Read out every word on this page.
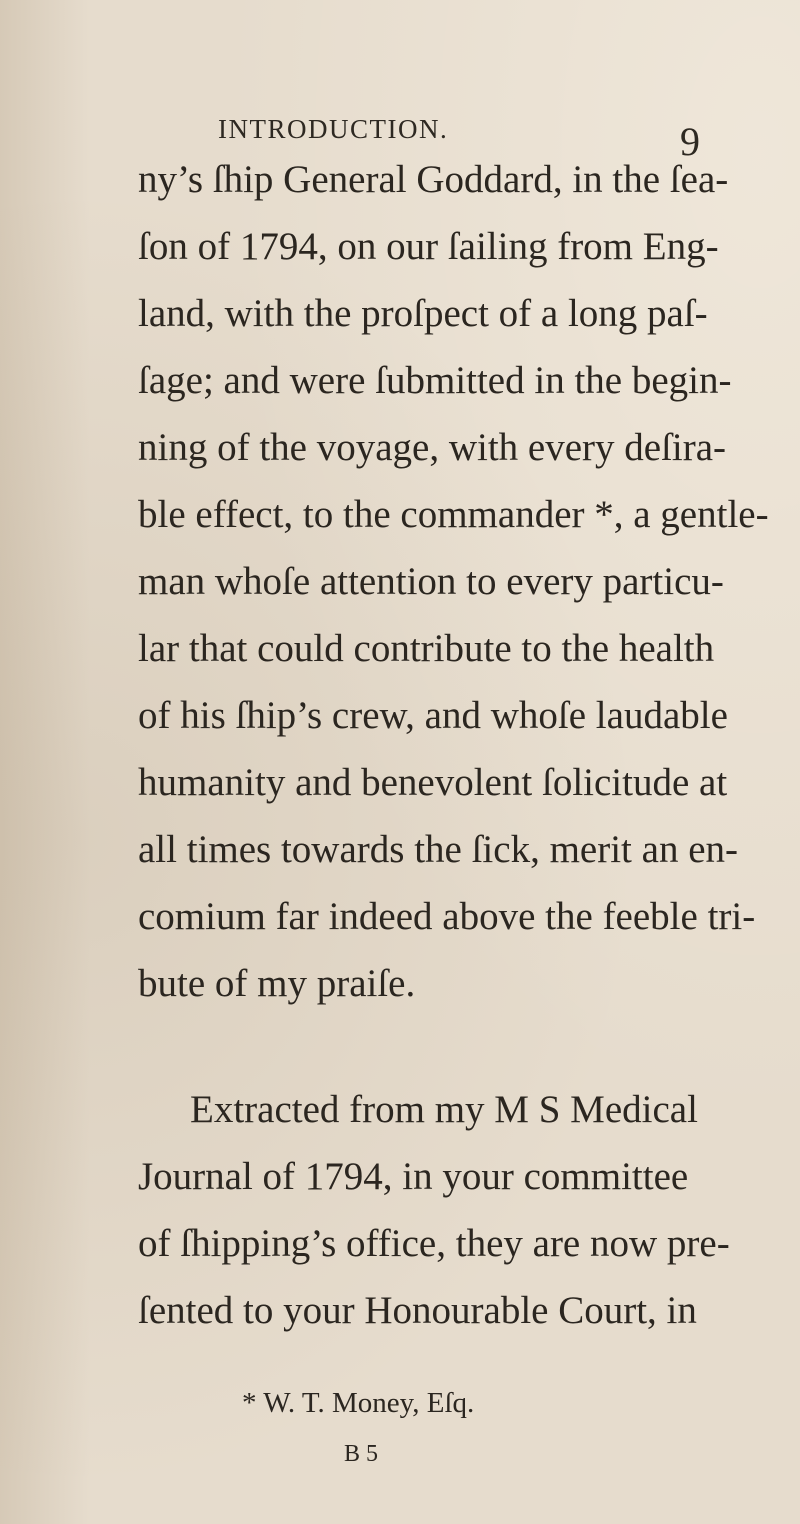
INTRODUCTION.	9
ny’s ſhip General Goddard, in the ſea-
ſon of 1794, on our ſailing from Eng-
land, with the proſpect of a long paſ-
ſage; and were ſubmitted in the begin-
ning of the voyage, with every deſira-
ble effect, to the commander *, a gentle-
man whoſe attention to every particu-
lar that could contribute to the health
of his ſhip’s crew, and whoſe laudable
humanity and benevolent ſolicitude at
all times towards the ſick, merit an en-
comium far indeed above the feeble tri-
bute of my praiſe.
Extracted from my M S Medical
Journal of 1794, in your committee
of ſhipping’s office, they are now pre-
ſented to your Honourable Court, in
* W. T. Money, Eſq.
B 5
